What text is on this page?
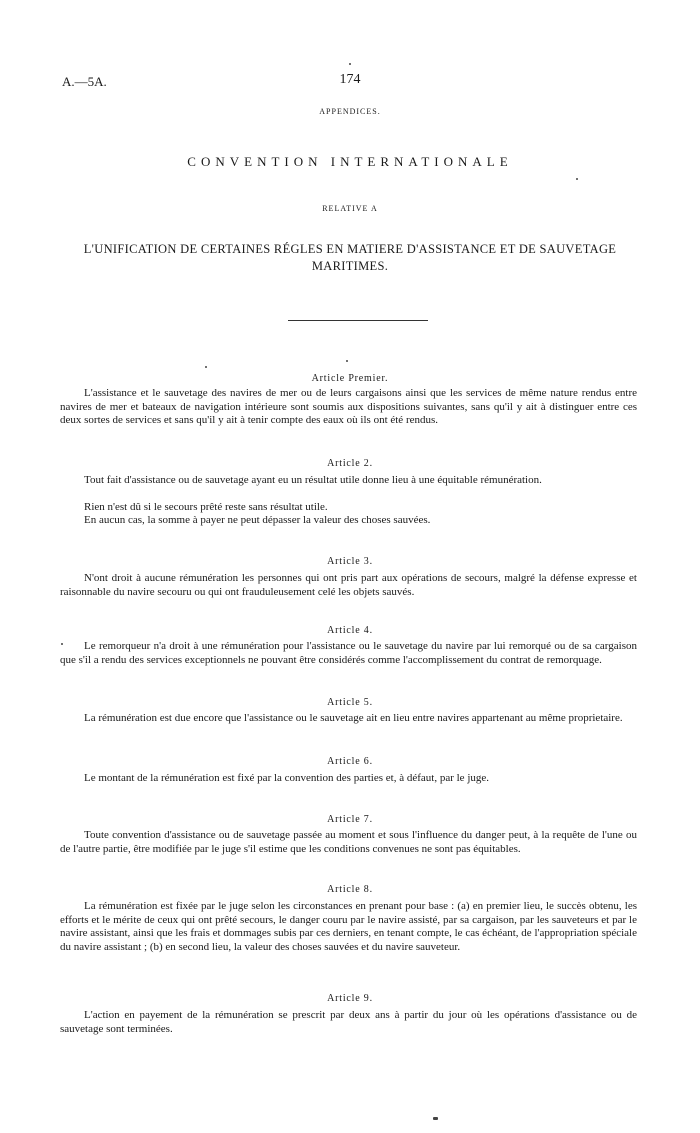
A.—5A.	174
APPENDICES.
CONVENTION INTERNATIONALE
RELATIVE A
L'UNIFICATION DE CERTAINES RÉGLES EN MATIERE D'ASSISTANCE ET DE SAUVETAGE MARITIMES.
Article Premier.

L'assistance et le sauvetage des navires de mer ou de leurs cargaisons ainsi que les services de même nature rendus entre navires de mer et bateaux de navigation intérieure sont soumis aux dispositions suivantes, sans qu'il y ait à distinguer entre ces deux sortes de services et sans qu'il y ait à tenir compte des eaux où ils ont été rendus.

Article 2.

Tout fait d'assistance ou de sauvetage ayant eu un résultat utile donne lieu à une équitable rémunération.

Rien n'est dû si le secours prêté reste sans résultat utile.

En aucun cas, la somme à payer ne peut dépasser la valeur des choses sauvées.

Article 3.

N'ont droit à aucune rémunération les personnes qui ont pris part aux opérations de secours, malgré la défense expresse et raisonnable du navire secouru ou qui ont frauduleusement celé les objets sauvés.

Article 4.

Le remorqueur n'a droit à une rémunération pour l'assistance ou le sauvetage du navire par lui remorqué ou de sa cargaison que s'il a rendu des services exceptionnels ne pouvant être considérés comme l'accomplissement du contrat de remorquage.

Article 5.

La rémunération est due encore que l'assistance ou le sauvetage ait en lieu entre navires appartenant au même proprietaire.

Article 6.

Le montant de la rémunération est fixé par la convention des parties et, à défaut, par le juge.

Article 7.

Toute convention d'assistance ou de sauvetage passée au moment et sous l'influence du danger peut, à la requête de l'une ou de l'autre partie, être modifiée par le juge s'il estime que les conditions convenues ne sont pas équitables.

Article 8.

La rémunération est fixée par le juge selon les circonstances en prenant pour base : (a) en premier lieu, le succès obtenu, les efforts et le mérite de ceux qui ont prêté secours, le danger couru par le navire assisté, par sa cargaison, par les sauveteurs et par le navire assistant, ainsi que les frais et dommages subis par ces derniers, en tenant compte, le cas échéant, de l'appropriation spéciale du navire assistant ; (b) en second lieu, la valeur des choses sauvées et du navire sauveteur.

Article 9.

L'action en payement de la rémunération se prescrit par deux ans à partir du jour où les opérations d'assistance ou de sauvetage sont terminées.
